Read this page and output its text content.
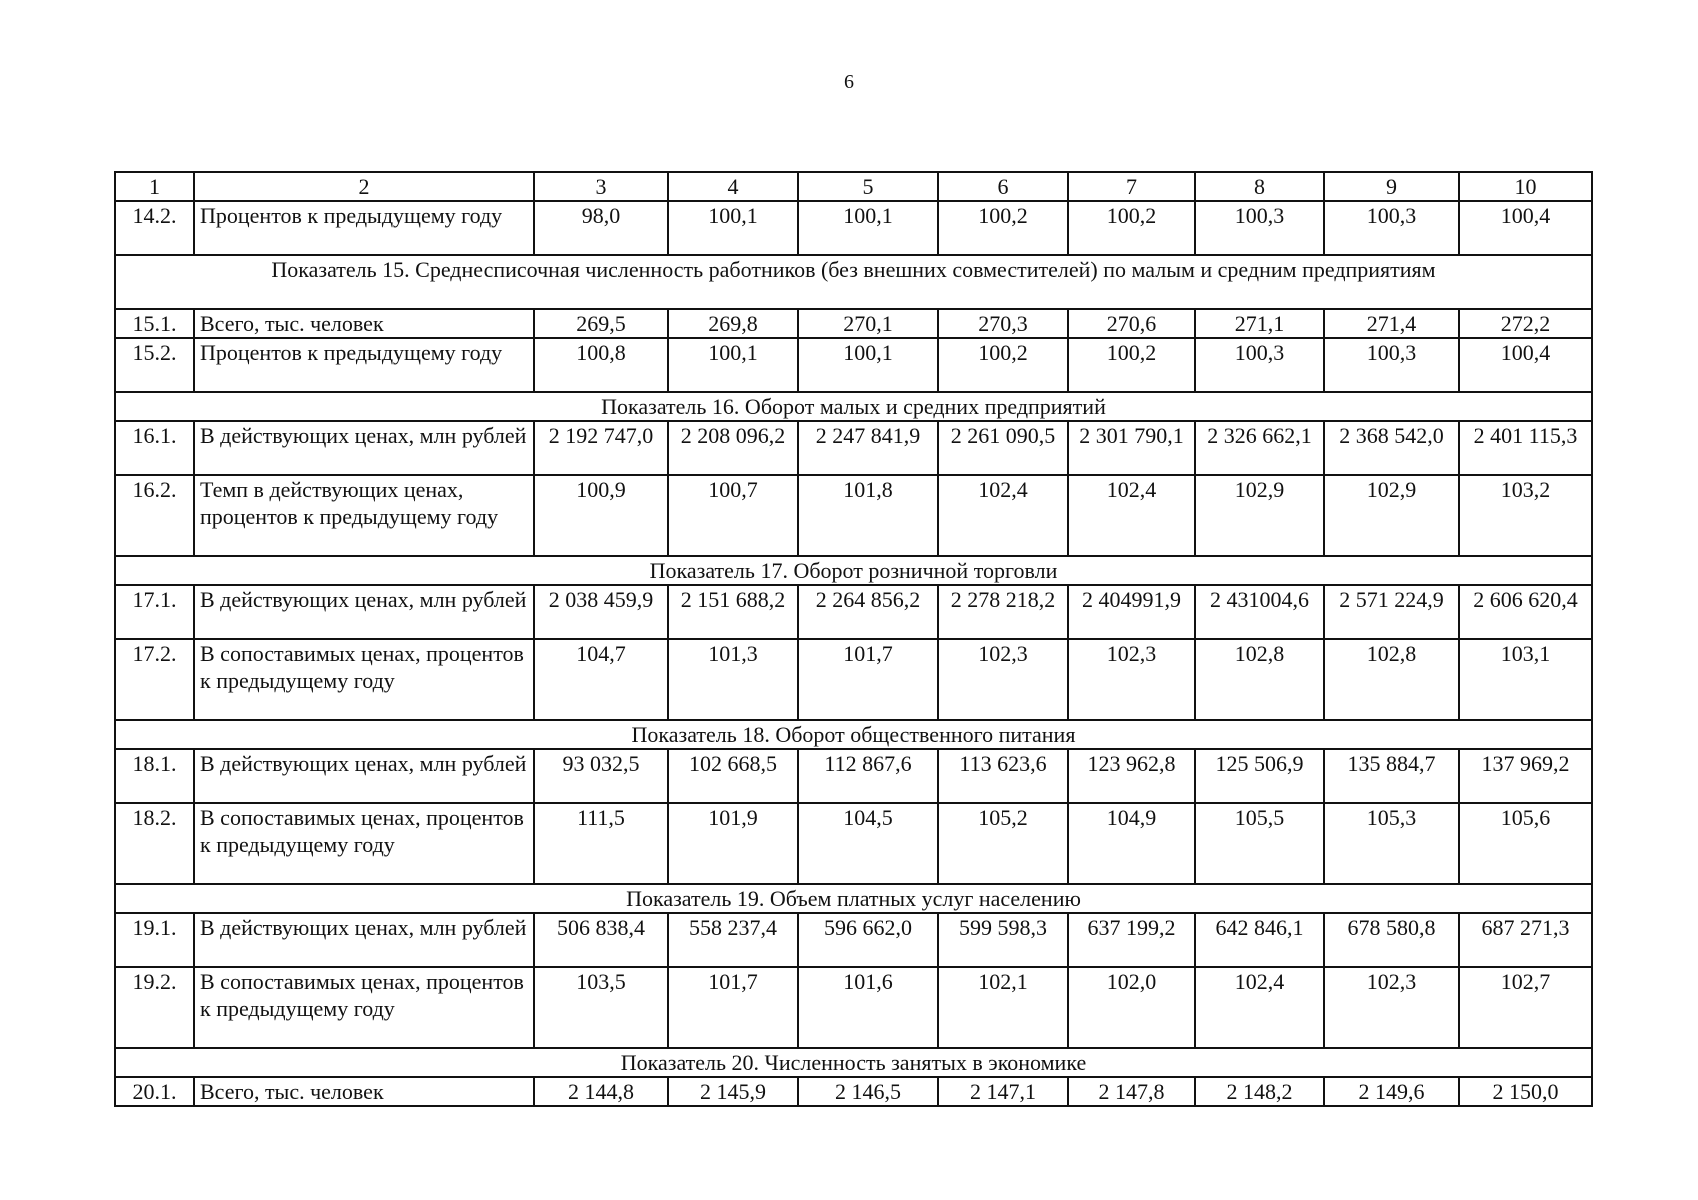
6
1	2	3	4	5	6	7	8	9	10
14.2.	Процентов к предыдущему году	98,0	100,1	100,1	100,2	100,2	100,3	100,3	100,4
Показатель 15. Среднесписочная численность работников (без внешних совместителей) по малым и средним предприятиям									
15.1.	Всего, тыс. человек	269,5	269,8	270,1	270,3	270,6	271,1	271,4	272,2
15.2.	Процентов к предыдущему году	100,8	100,1	100,1	100,2	100,2	100,3	100,3	100,4
Показатель 16. Оборот малых и средних предприятий									
16.1.	В действующих ценах, млн рублей	2 192 747,0	2 208 096,2	2 247 841,9	2 261 090,5	2 301 790,1	2 326 662,1	2 368 542,0	2 401 115,3
16.2.	Темп в действующих ценах, процентов к предыдущему году	100,9	100,7	101,8	102,4	102,4	102,9	102,9	103,2
Показатель 17. Оборот розничной торговли									
17.1.	В действующих ценах, млн рублей	2 038 459,9	2 151 688,2	2 264 856,2	2 278 218,2	2 404991,9	2 431004,6	2 571 224,9	2 606 620,4
17.2.	В сопоставимых ценах, процентов к предыдущему году	104,7	101,3	101,7	102,3	102,3	102,8	102,8	103,1
Показатель 18. Оборот общественного питания									
18.1.	В действующих ценах, млн рублей	93 032,5	102 668,5	112 867,6	113 623,6	123 962,8	125 506,9	135 884,7	137 969,2
18.2.	В сопоставимых ценах, процентов к предыдущему году	111,5	101,9	104,5	105,2	104,9	105,5	105,3	105,6
Показатель 19. Объем платных услуг населению									
19.1.	В действующих ценах, млн рублей	506 838,4	558 237,4	596 662,0	599 598,3	637 199,2	642 846,1	678 580,8	687 271,3
19.2.	В сопоставимых ценах, процентов к предыдущему году	103,5	101,7	101,6	102,1	102,0	102,4	102,3	102,7
Показатель 20. Численность занятых в экономике									
20.1.	Всего, тыс. человек	2 144,8	2 145,9	2 146,5	2 147,1	2 147,8	2 148,2	2 149,6	2 150,0
